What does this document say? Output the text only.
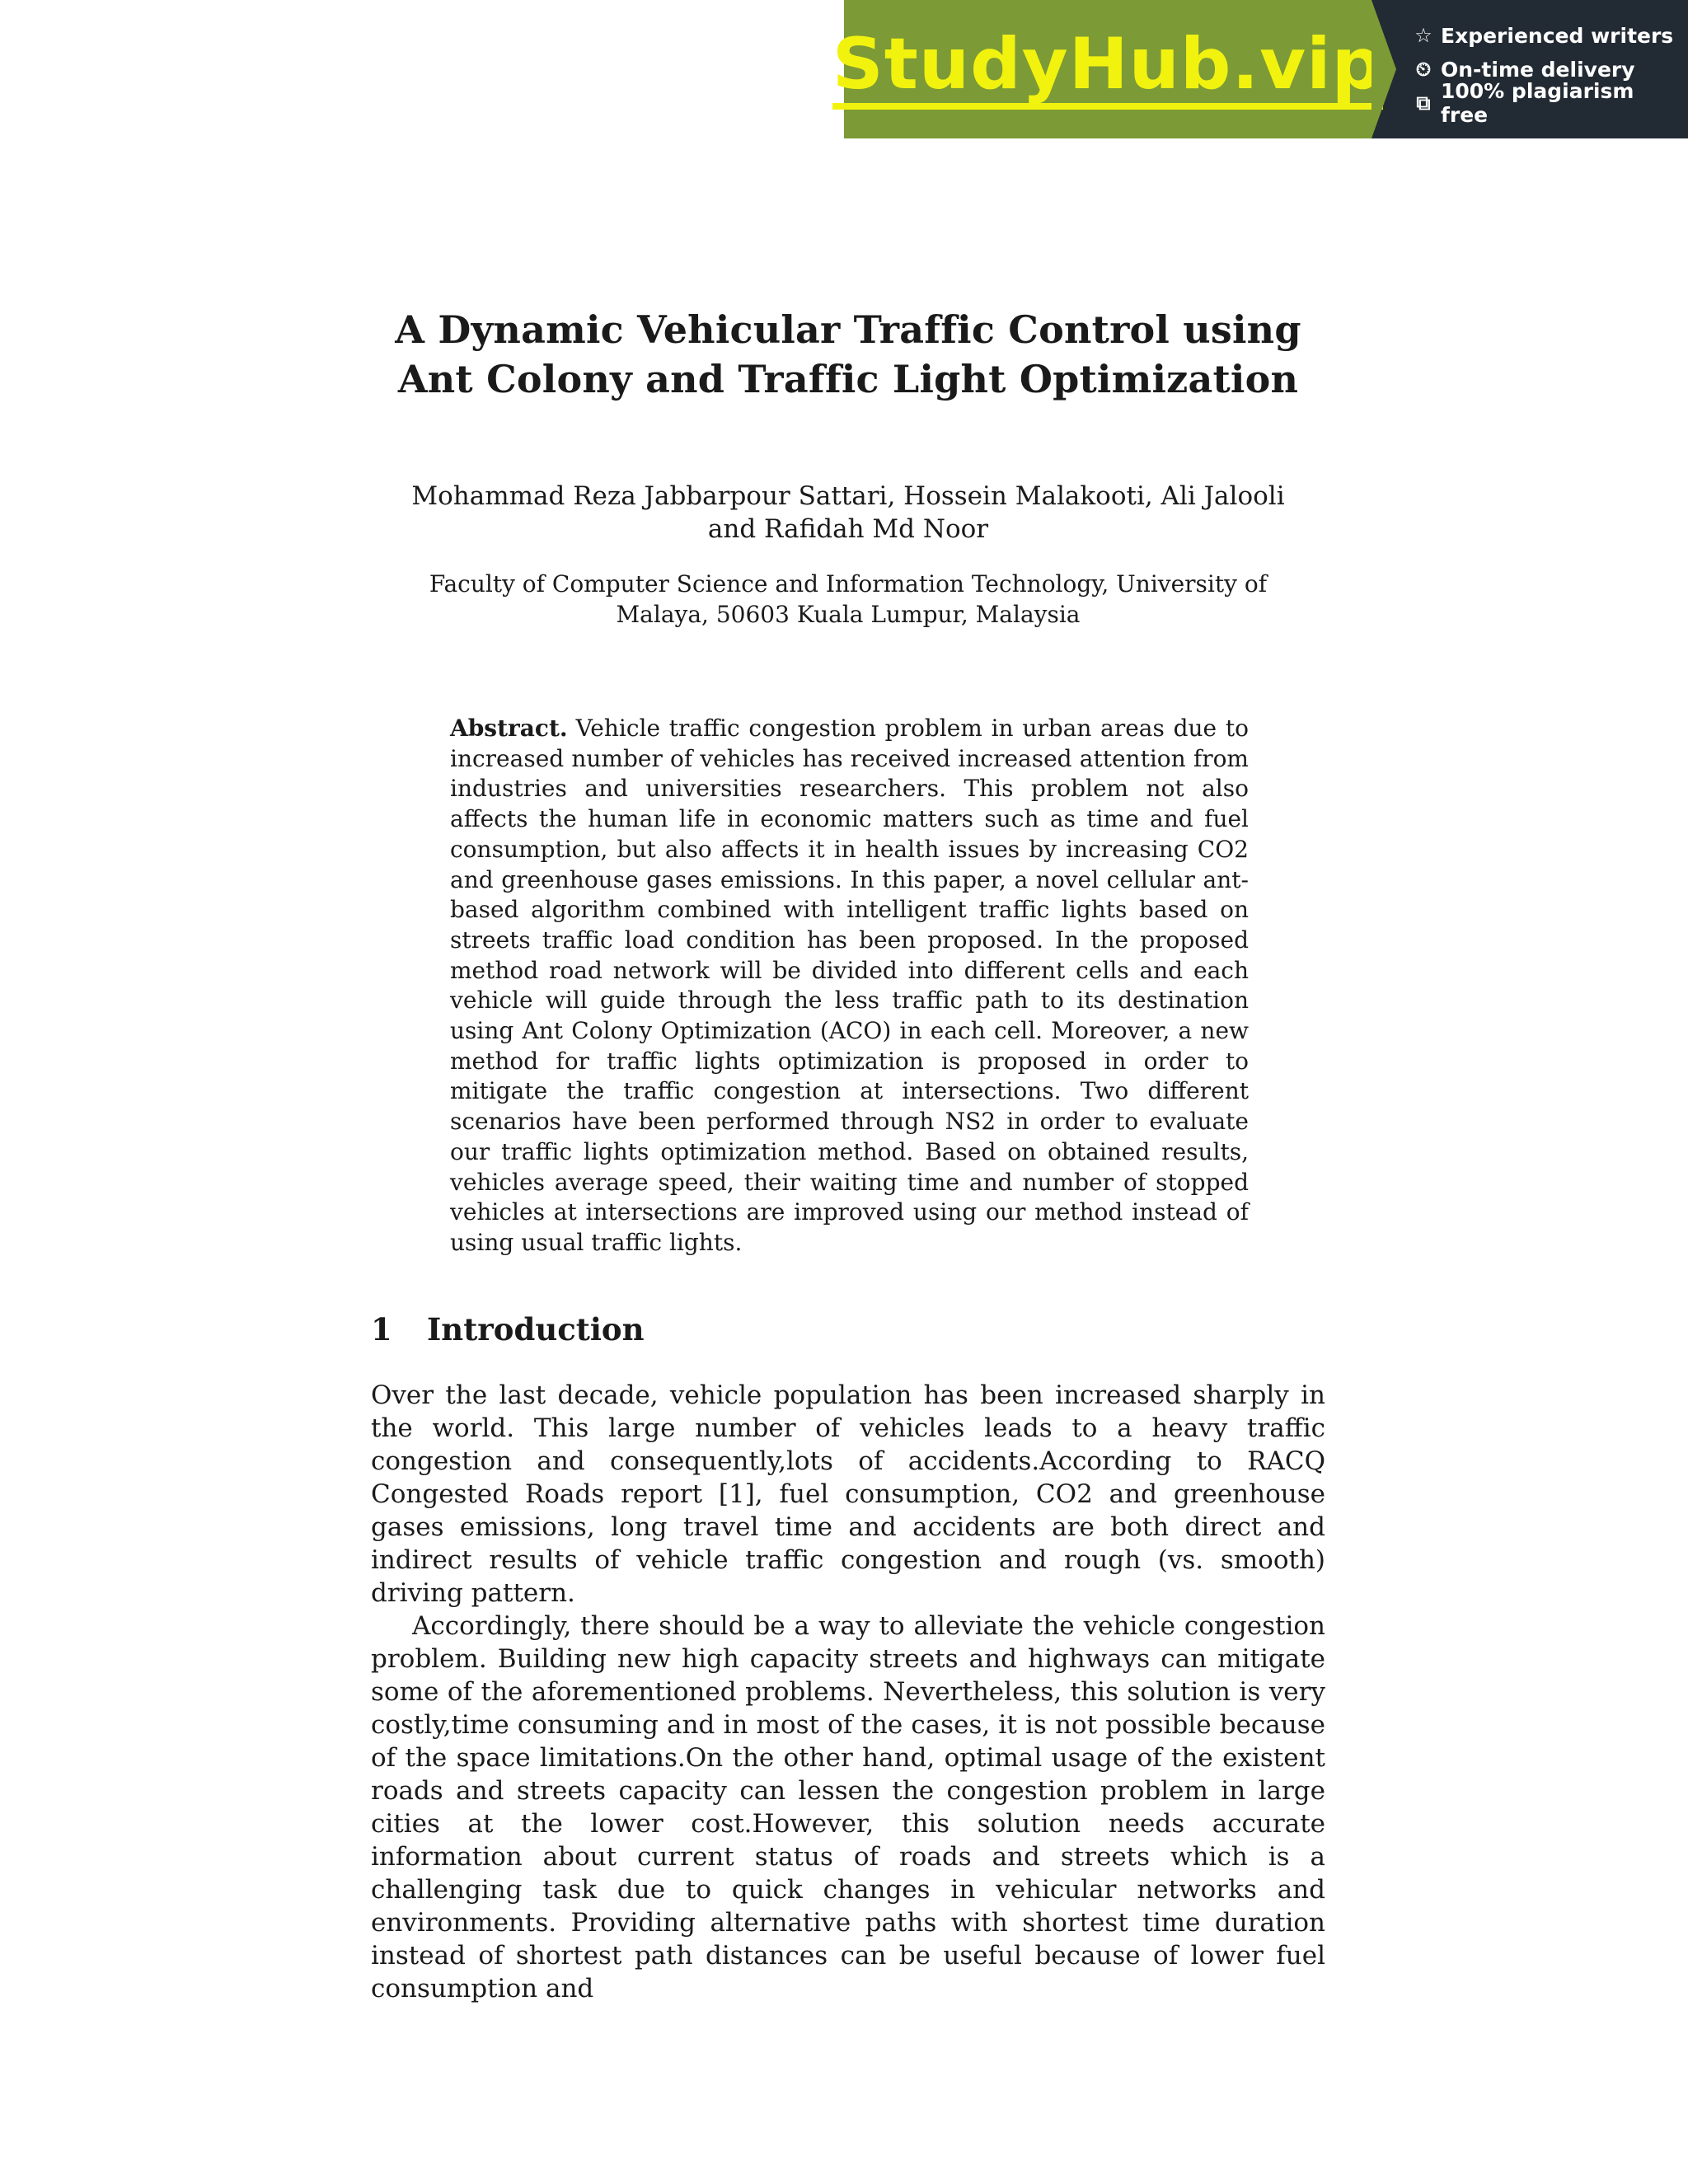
StudyHub.vip ☆ Experienced writers
⏲ On-time delivery
⧉ 100% plagiarism free
A Dynamic Vehicular Traffic Control using Ant Colony and Traffic Light Optimization
Mohammad Reza Jabbarpour Sattari, Hossein Malakooti, Ali Jalooli and Rafidah Md Noor
Faculty of Computer Science and Information Technology, University of Malaya, 50603 Kuala Lumpur, Malaysia
Abstract. Vehicle traffic congestion problem in urban areas due to increased number of vehicles has received increased attention from industries and universities researchers. This problem not also affects the human life in economic matters such as time and fuel consumption, but also affects it in health issues by increasing CO2 and greenhouse gases emissions. In this paper, a novel cellular ant-based algorithm combined with intelligent traffic lights based on streets traffic load condition has been proposed. In the proposed method road network will be divided into different cells and each vehicle will guide through the less traffic path to its destination using Ant Colony Optimization (ACO) in each cell. Moreover, a new method for traffic lights optimization is proposed in order to mitigate the traffic congestion at intersections. Two different scenarios have been performed through NS2 in order to evaluate our traffic lights optimization method. Based on obtained results, vehicles average speed, their waiting time and number of stopped vehicles at intersections are improved using our method instead of using usual traffic lights.
1	Introduction

Over the last decade, vehicle population has been increased sharply in the world. This large number of vehicles leads to a heavy traffic congestion and consequently,lots of accidents.According to RACQ Congested Roads report [1], fuel consumption, CO2 and greenhouse gases emissions, long travel time and accidents are both direct and indirect results of vehicle traffic congestion and rough (vs. smooth) driving pattern.

Accordingly, there should be a way to alleviate the vehicle congestion problem. Building new high capacity streets and highways can mitigate some of the aforementioned problems. Nevertheless, this solution is very costly,time consuming and in most of the cases, it is not possible because of the space limitations.On the other hand, optimal usage of the existent roads and streets capacity can lessen the congestion problem in large cities at the lower cost.However, this solution needs accurate information about current status of roads and streets which is a challenging task due to quick changes in vehicular networks and environments. Providing alternative paths with shortest time duration instead of shortest path distances can be useful because of lower fuel consumption and
